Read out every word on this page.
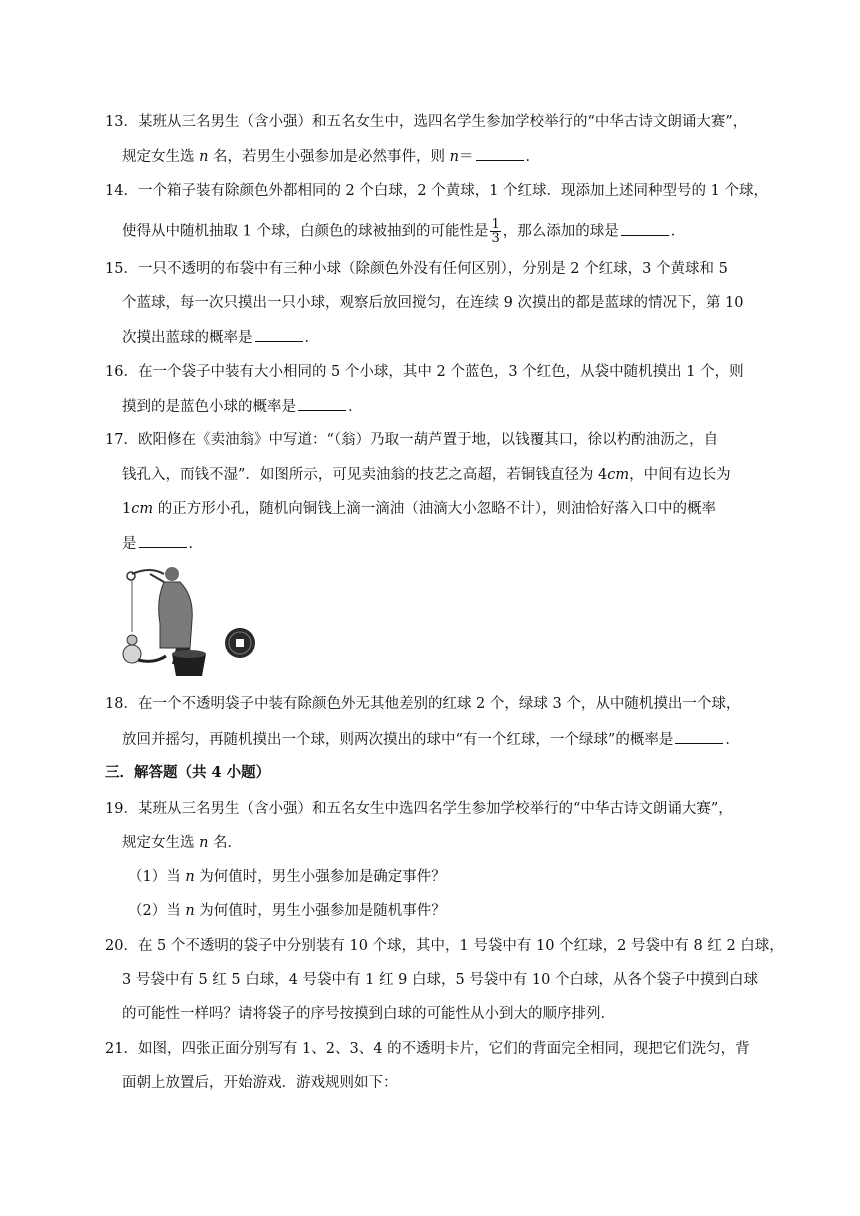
13．某班从三名男生（含小强）和五名女生中，选四名学生参加学校举行的“中华古诗文朗诵大赛”，
规定女生选 n 名，若男生小强参加是必然事件，则 n＝	．
14．一个箱子装有除颜色外都相同的 2 个白球，2 个黄球，1 个红球．现添加上述同种型号的 1 个球，
使得从中随机抽取 1 个球，白颜色的球被抽到的可能性是 $\frac{1}{3}$ ，那么添加的球是	．
15．一只不透明的布袋中有三种小球（除颜色外没有任何区别），分别是 2 个红球，3 个黄球和 5
个蓝球，每一次只摸出一只小球，观察后放回搅匀，在连续 9 次摸出的都是蓝球的情况下，第 10
次摸出蓝球的概率是	．
16．在一个袋子中装有大小相同的 5 个小球，其中 2 个蓝色，3 个红色，从袋中随机摸出 1 个，则
摸到的是蓝色小球的概率是	．
17．欧阳修在《卖油翁》中写道：“（翁）乃取一葫芦置于地，以钱覆其口，徐以杓酌油沥之，自
钱孔入，而钱不湿”．如图所示，可见卖油翁的技艺之高超，若铜钱直径为 4cm，中间有边长为
1cm 的正方形小孔，随机向铜钱上滴一滴油（油滴大小忽略不计），则油恰好落入口中的概率
是	．
18．在一个不透明袋子中装有除颜色外无其他差别的红球 2 个，绿球 3 个，从中随机摸出一个球，
放回并摇匀，再随机摸出一个球，则两次摸出的球中“有一个红球，一个绿球”的概率是	．
三．解答题（共 4 小题）
19．某班从三名男生（含小强）和五名女生中选四名学生参加学校举行的“中华古诗文朗诵大赛”，
规定女生选 n 名．
（1）当 n 为何值时，男生小强参加是确定事件？
（2）当 n 为何值时，男生小强参加是随机事件？
20．在 5 个不透明的袋子中分别装有 10 个球，其中，1 号袋中有 10 个红球，2 号袋中有 8 红 2 白球，
3 号袋中有 5 红 5 白球，4 号袋中有 1 红 9 白球，5 号袋中有 10 个白球，从各个袋子中摸到白球
的可能性一样吗？请将袋子的序号按摸到白球的可能性从小到大的顺序排列．
21．如图，四张正面分别写有 1、2、3、4 的不透明卡片，它们的背面完全相同，现把它们洗匀，背
面朝上放置后，开始游戏．游戏规则如下：
